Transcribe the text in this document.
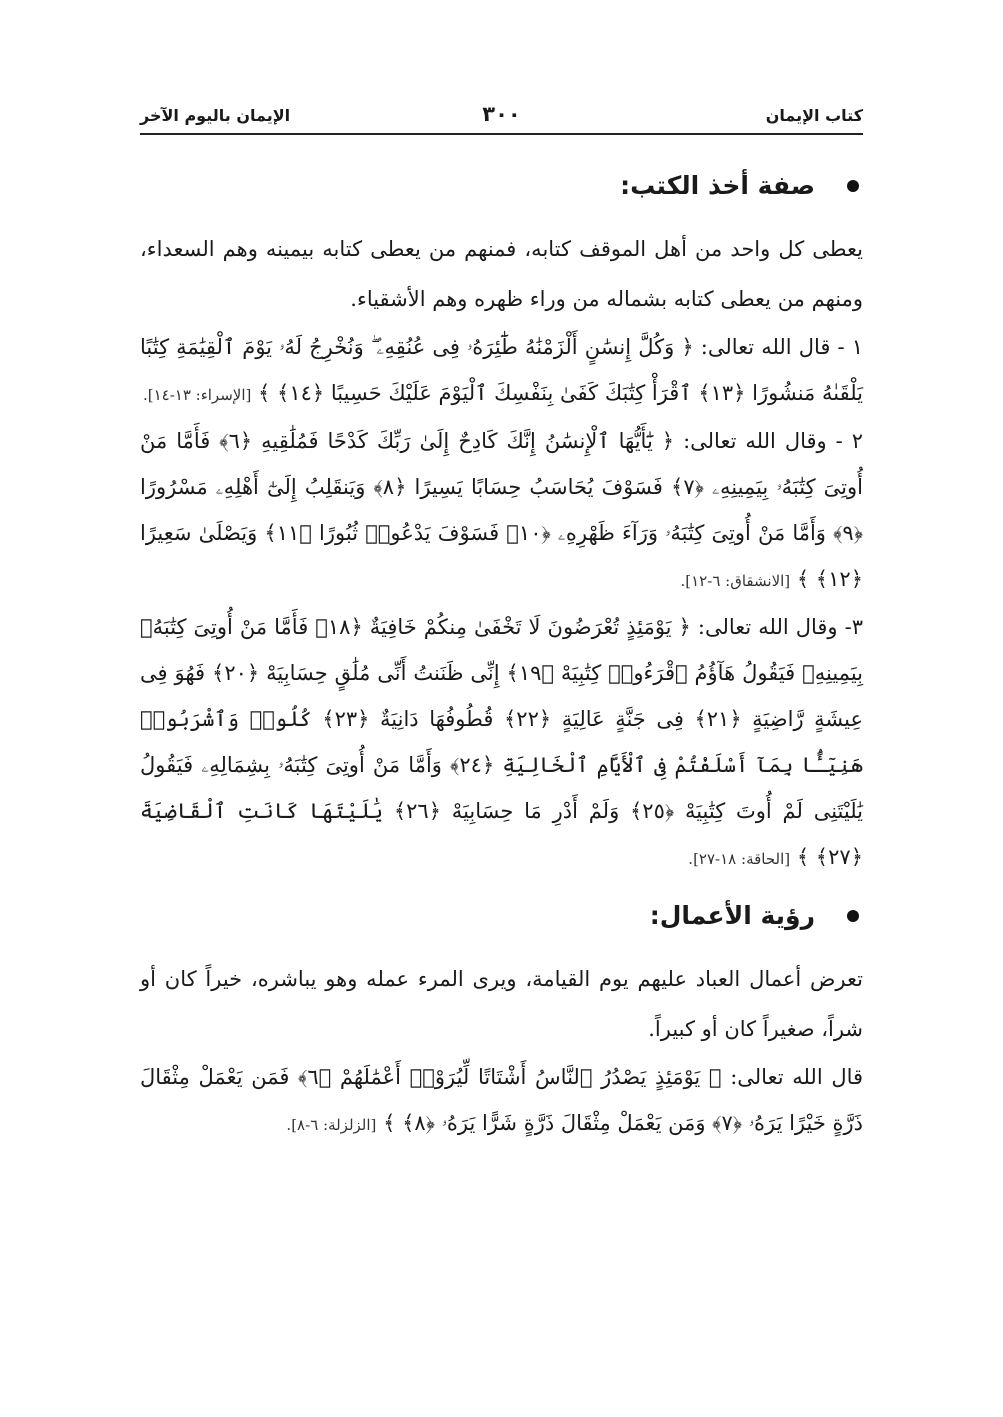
كتاب الإيمان
٣٠٠
الإيمان باليوم الآخر
صفة أخذ الكتب:

يعطى كل واحد من أهل الموقف كتابه، فمنهم من يعطى كتابه بيمينه وهم السعداء، ومنهم من يعطى كتابه بشماله من وراء ظهره وهم الأشقياء.

١ - قال الله تعالى: ﴿ وَكُلَّ إِنسَٰنٍ أَلْزَمْنَٰهُ طَٰٓئِرَهُۥ فِى عُنُقِهِۦ ۖ وَنُخْرِجُ لَهُۥ يَوْمَ ٱلْقِيَٰمَةِ كِتَٰبًا يَلْقَىٰهُ مَنشُورًا ﴿١٣﴾ ٱقْرَأْ كِتَٰبَكَ كَفَىٰ بِنَفْسِكَ ٱلْيَوْمَ عَلَيْكَ حَسِيبًا ﴿١٤﴾ ﴾ [الإسراء: ١٣-١٤].

٢ - وقال الله تعالى: ﴿ يَٰٓأَيُّهَا ٱلْإِنسَٰنُ إِنَّكَ كَادِحٌ إِلَىٰ رَبِّكَ كَدْحًا فَمُلَٰقِيهِ ﴿٦﴾ فَأَمَّا مَنْ أُوتِىَ كِتَٰبَهُۥ بِيَمِينِهِۦ ﴿٧﴾ فَسَوْفَ يُحَاسَبُ حِسَابًا يَسِيرًا ﴿٨﴾ وَيَنقَلِبُ إِلَىٰٓ أَهْلِهِۦ مَسْرُورًا ﴿٩﴾ وَأَمَّا مَنْ أُوتِىَ كِتَٰبَهُۥ وَرَآءَ ظَهْرِهِۦ ﴿١٠﴾ فَسَوْفَ يَدْعُوا۟ ثُبُورًا ﴿١١﴾ وَيَصْلَىٰ سَعِيرًا ﴿١٢﴾ ﴾ [الانشقاق: ٦-١٢].

٣- وقال الله تعالى: ﴿ يَوْمَئِذٍ تُعْرَضُونَ لَا تَخْفَىٰ مِنكُمْ خَافِيَةٌ ﴿١٨﴾ فَأَمَّا مَنْ أُوتِىَ كِتَٰبَهُۥ بِيَمِينِهِۦ فَيَقُولُ هَآؤُمُ ٱقْرَءُوا۟ كِتَٰبِيَهْ ﴿١٩﴾ إِنِّى ظَنَنتُ أَنِّى مُلَٰقٍ حِسَابِيَهْ ﴿٢٠﴾ فَهُوَ فِى عِيشَةٍ رَّاضِيَةٍ ﴿٢١﴾ فِى جَنَّةٍ عَالِيَةٍ ﴿٢٢﴾ قُطُوفُهَا دَانِيَةٌ ﴿٢٣﴾ كُلُوا۟ وَٱشْرَبُوا۟ هَنِيٓـًٔۢا بِمَآ أَسْلَفْتُمْ فِى ٱلْأَيَّامِ ٱلْخَالِيَةِ ﴿٢٤﴾ وَأَمَّا مَنْ أُوتِىَ كِتَٰبَهُۥ بِشِمَالِهِۦ فَيَقُولُ يَٰلَيْتَنِى لَمْ أُوتَ كِتَٰبِيَهْ ﴿٢٥﴾ وَلَمْ أَدْرِ مَا حِسَابِيَهْ ﴿٢٦﴾ يَٰلَيْتَهَا كَانَتِ ٱلْقَاضِيَةَ ﴿٢٧﴾ ﴾ [الحاقة: ١٨-٢٧].

رؤية الأعمال:

تعرض أعمال العباد عليهم يوم القيامة، ويرى المرء عمله وهو يباشره، خيراً كان أو شراً، صغيراً كان أو كبيراً.

قال الله تعالى: ﴿ يَوْمَئِذٍ يَصْدُرُ ٱلنَّاسُ أَشْتَاتًا لِّيُرَوْا۟ أَعْمَٰلَهُمْ ﴿٦﴾ فَمَن يَعْمَلْ مِثْقَالَ ذَرَّةٍ خَيْرًا يَرَهُۥ ﴿٧﴾ وَمَن يَعْمَلْ مِثْقَالَ ذَرَّةٍ شَرًّا يَرَهُۥ ﴿٨﴾ ﴾ [الزلزلة: ٦-٨].
